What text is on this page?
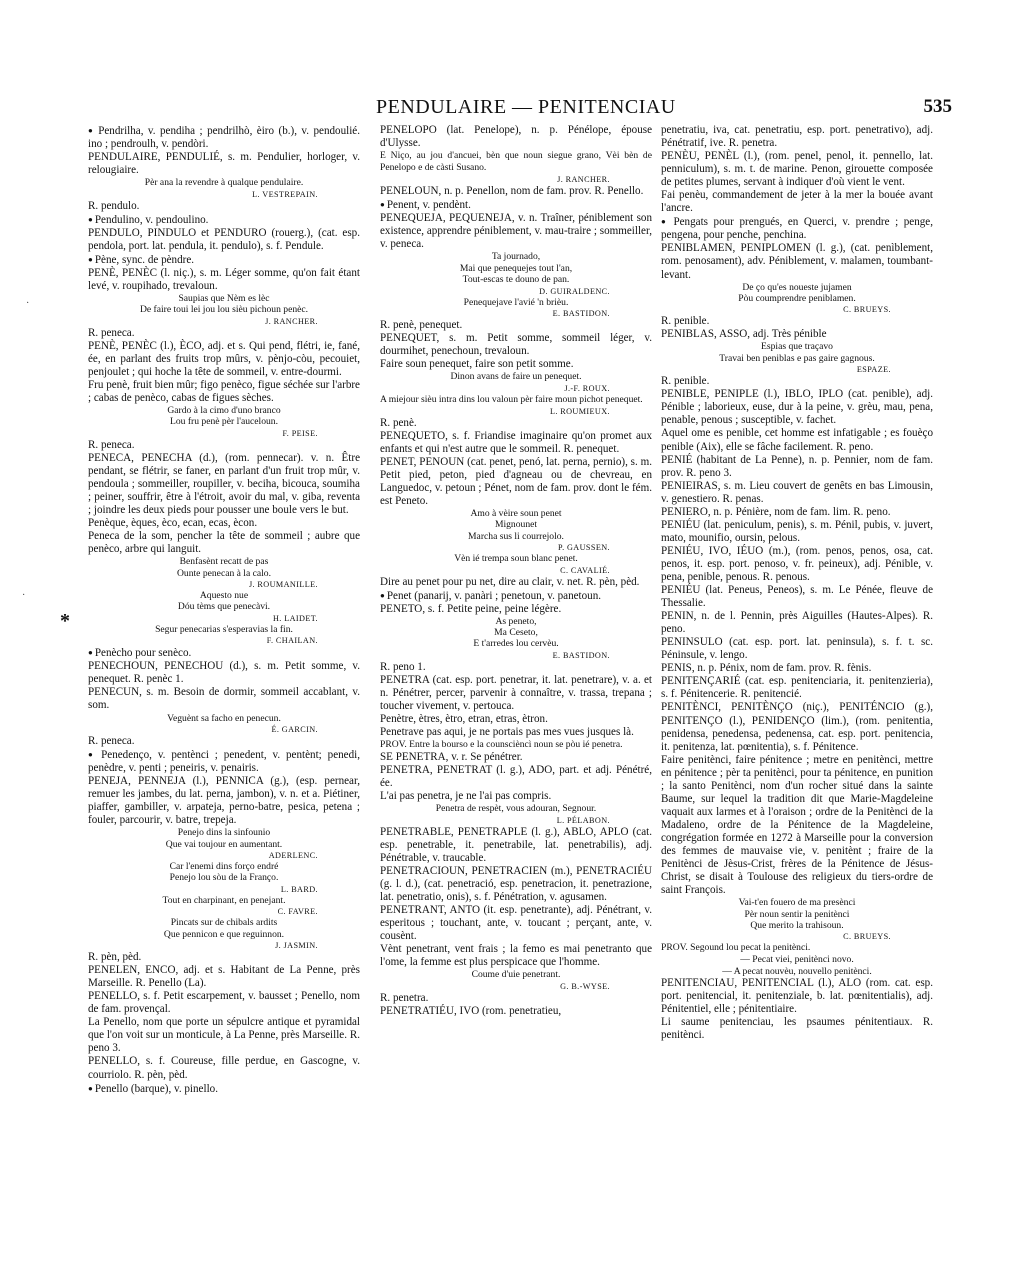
PENDULAIRE — PENITENCIAU	535
*
·
·

● Pendrilha, v. pendiha ; pendrilhò, èiro (b.), v. pendoulié. ino ; pendroulh, v. pendòri.

PENDULAIRE, PENDULIÉ, s. m. Pendulier, horloger, v. relougiaire.

Pèr ana la revendre à qualque pendulaire.

L. VESTREPAIN.

R. pendulo.

● Pendulino, v. pendoulino.

PENDULO, PINDULO et PENDURO (rouerg.), (cat. esp. pendola, port. lat. pendula, it. pendulo), s. f. Pendule.

● Pène, sync. de pèndre.

PENÈ, PENÈC (l. niç.), s. m. Léger somme, qu'on fait étant levé, v. roupihado, trevaloun.

Saupias que Nèm es lèc

De faire toui lei jou lou sièu pichoun penèc.

J. RANCHER.

R. peneca.

PENÈ, PENÈC (l.), ÈCO, adj. et s. Qui pend, flétri, ie, fané, ée, en parlant des fruits trop mûrs, v. pènjo-còu, pecouiet, penjoulet ; qui hoche la tête de sommeil, v. entre-dourmi.

Fru penè, fruit bien mûr; figo penèco, figue séchée sur l'arbre ; cabas de penèco, cabas de figues sèches.

Gardo à la cimo d'uno branco

Lou fru penè pèr l'auceloun.

F. PEISE.

R. peneca.

PENECA, PENECHA (d.), (rom. pennecar). v. n. Être pendant, se flétrir, se faner, en parlant d'un fruit trop mûr, v. pendoula ; sommeiller, roupiller, v. beciha, bicouca, soumiha ; peiner, souffrir, être à l'étroit, avoir du mal, v. giba, reventa ; joindre les deux pieds pour pousser une boule vers le but.

Penèque, èques, èco, ecan, ecas, ècon.

Peneca de la som, pencher la tête de sommeil ; aubre que penèco, arbre qui languit.

Benfasènt recatt de pas

Ounte penecan à la calo.

J. ROUMANILLE.

Aquesto nue

Dóu tèms que penecàvi.

H. LAIDET.

Segur penecarias s'esperavias la fin.

F. CHAILAN.

● Penècho pour senèco.

PENECHOUN, PENECHOU (d.), s. m. Petit somme, v. penequet. R. penèc 1.

PENECUN, s. m. Besoin de dormir, sommeil accablant, v. som.

Veguènt sa facho en penecun.

É. GARCIN.

R. peneca.

● Penedenço, v. pentènci ; penedent, v. pentènt; penedi, penèdre, v. penti ; peneiris, v. penairis.

PENEJA, PENNEJA (l.), PENNICA (g.), (esp. pernear, remuer les jambes, du lat. perna, jambon), v. n. et a. Piétiner, piaffer, gambiller, v. arpateja, perno-batre, pesica, petena ; fouler, parcourir, v. batre, trepeja.

Penejo dins la sinfounio

Que vai toujour en aumentant.

ADERLENC.

Car l'enemi dins forço endré

Penejo lou sòu de la Franço.

L. BARD.

Tout en charpinant, en penejant.

C. FAVRE.

Pincats sur de chibals ardits

Que pennicon e que reguinnon.

J. JASMIN.

R. pèn, pèd.

PENELEN, ENCO, adj. et s. Habitant de La Penne, près Marseille. R. Penello (La).

PENELLO, s. f. Petit escarpement, v. bausset ; Penello, nom de fam. provençal.

La Penello, nom que porte un sépulcre antique et pyramidal que l'on voit sur un monticule, à La Penne, près Marseille. R. peno 3.

PENELLO, s. f. Coureuse, fille perdue, en Gascogne, v. courriolo. R. pèn, pèd.

● Penello (barque), v. pinello.

PENELOPO (lat. Penelope), n. p. Pénélope, épouse d'Ulysse.

E Niço, au jou d'ancuei, bèn que noun siegue grano, Vèi bèn de Penelopo e de càsti Susano.

J. RANCHER.

PENELOUN, n. p. Penellon, nom de fam. prov. R. Penello.

● Penent, v. pendènt.

PENEQUEJA, PEQUENEJA, v. n. Traîner, péniblement son existence, apprendre péniblement, v. mau-traire ; sommeiller, v. peneca.

Ta journado,

Mai que penequejes tout l'an,

Tout-escas te douno de pan.

D. GUIRALDENC.

Penequejave l'avié 'n brièu.

E. BASTIDON.

R. penè, penequet.

PENEQUET, s. m. Petit somme, sommeil léger, v. dourmihet, penechoun, trevaloun.

Faire soun penequet, faire son petit somme.

Dinon avans de faire un penequet.

J.-F. ROUX.

A miejour sièu intra dins lou valoun pèr faire moun pichot penequet.

L. ROUMIEUX.

R. penè.

PENEQUETO, s. f. Friandise imaginaire qu'on promet aux enfants et qui n'est autre que le sommeil. R. penequet.

PENET, PENOUN (cat. penet, penó, lat. perna, pernio), s. m. Petit pied, peton, pied d'agneau ou de chevreau, en Languedoc, v. petoun ; Pénet, nom de fam. prov. dont le fém. est Peneto.

Amo à vèire soun penet

Mignounet

Marcha sus li courrejolo.

P. GAUSSEN.

Vèn ié trempa soun blanc penet.

C. CAVALIÉ.

Dire au penet pour pu net, dire au clair, v. net. R. pèn, pèd.

● Penet (panarij, v. panàri ; penetoun, v. panetoun.

PENETO, s. f. Petite peine, peine légère.

As peneto,

Ma Ceseto,

E t'arredes lou cervèu.

E. BASTIDON.

R. peno 1.

PENETRA (cat. esp. port. penetrar, it. lat. penetrare), v. a. et n. Pénétrer, percer, parvenir à connaître, v. trassa, trepana ; toucher vivement, v. pertouca.

Penètre, ètres, ètro, etran, etras, ètron.

Penetrave pas aqui, je ne portais pas mes vues jusques là.

PROV. Entre la bourso e la counscièncì noun se pòu ié penetra.

SE PENETRA, v. r. Se pénétrer.

PENETRA, PENETRAT (l. g.), ADO, part. et adj. Pénétré, ée.

L'ai pas penetra, je ne l'ai pas compris.

Penetra de respèt, vous adouran, Segnour.

L. PÉLABON.

PENETRABLE, PENETRAPLE (l. g.), ABLO, APLO (cat. esp. penetrable, it. penetrabile, lat. penetrabilis), adj. Pénétrable, v. traucable.

PENETRACIOUN, PENETRACIEN (m.), PENETRACIÉU (g. l. d.), (cat. penetració, esp. penetracion, it. penetrazione, lat. penetratio, onis), s. f. Pénétration, v. agusamen.

PENETRANT, ANTO (it. esp. penetrante), adj. Pénétrant, v. esperitous ; touchant, ante, v. toucant ; perçant, ante, v. cousènt.

Vènt penetrant, vent frais ; la femo es mai penetranto que l'ome, la femme est plus perspicace que l'homme.

Coume d'uie penetrant.

G. B.-WYSE.

R. penetra.

PENETRATIÉU, IVO (rom. penetratieu,

penetratiu, iva, cat. penetratiu, esp. port. penetrativo), adj. Pénétratif, ive. R. penetra.

PENÈU, PENÈL (l.), (rom. penel, penol, it. pennello, lat. penniculum), s. m. t. de marine. Penon, girouette composée de petites plumes, servant à indiquer d'où vient le vent.

Fai penèu, commandement de jeter à la mer la bouée avant l'ancre.

● Pengats pour prengués, en Querci, v. prendre ; penge, pengena, pour penche, penchina.

PENIBLAMEN, PENIPLOMEN (l. g.), (cat. penìblement, rom. penosament), adv. Péniblement, v. malamen, toumbant-levant.

De ço qu'es noueste jujamen

Pòu coumprendre peniblamen.

C. BRUEYS.

R. penible.

PENIBLAS, ASSO, adj. Très pénible

Espias que traçavo

Travai ben peniblas e pas gaire gagnous.

ESPAZE.

R. penible.

PENIBLE, PENIPLE (l.), IBLO, IPLO (cat. penible), adj. Pénible ; laborieux, euse, dur à la peine, v. grèu, mau, pena, penable, penous ; susceptible, v. fachet.

Aquel ome es penible, cet homme est infatigable ; es fouèço penible (Aix), elle se fâche facilement. R. peno.

PENIÉ (habitant de La Penne), n. p. Pennier, nom de fam. prov. R. peno 3.

PENIEIRAS, s. m. Lieu couvert de genêts en bas Limousin, v. genestiero. R. penas.

PENIERO, n. p. Pénière, nom de fam. lim. R. peno.

PENIÉU (lat. peniculum, penis), s. m. Pénil, pubis, v. juvert, mato, mounifio, oursin, pelous.

PENIÉU, IVO, IÉUO (m.), (rom. penos, penos, osa, cat. penos, it. esp. port. penoso, v. fr. peineux), adj. Pénible, v. pena, penible, penous. R. penous.

PENIÉU (lat. Peneus, Peneos), s. m. Le Pénée, fleuve de Thessalie.

PENIN, n. de l. Pennin, près Aiguilles (Hautes-Alpes). R. peno.

PENINSULO (cat. esp. port. lat. peninsula), s. f. t. sc. Péninsule, v. lengo.

PENIS, n. p. Pénix, nom de fam. prov. R. fènis.

PENITENÇARIÉ (cat. esp. penitenciaria, it. penitenzieria), s. f. Pénitencerie. R. penitencié.

PENITÈNCI, PENITÈNÇO (niç.), PENITÉNCIO (g.), PENITENÇO (l.), PENIDENÇO (lim.), (rom. penitentia, penidensa, penedensa, pedenensa, cat. esp. port. penitencia, it. penitenza, lat. pœnitentia), s. f. Pénitence.

Faire penitènci, faire pénitence ; metre en penitènci, mettre en pénitence ; pèr ta penitènci, pour ta pénitence, en punition ; la santo Penitènci, nom d'un rocher situé dans la sainte Baume, sur lequel la tradition dit que Marie-Magdeleine vaquait aux larmes et à l'oraison ; ordre de la Penitènci de la Madaleno, ordre de la Pénitence de la Magdeleine, congrégation formée en 1272 à Marseille pour la conversion des femmes de mauvaise vie, v. penitènt ; fraire de la Penitènci de Jèsus-Crist, frères de la Pénitence de Jésus-Christ, se disait à Toulouse des religieux du tiers-ordre de saint François.

Vai-t'en fouero de ma presènci

Pèr noun sentir la penitènci

Que merito la trahisoun.

C. BRUEYS.

PROV. Segound lou pecat la penitènci.

— Pecat viei, penitènci novo.

— A pecat nouvèu, nouvello penitènci.

PENITENCIAU, PENITENCIAL (l.), ALO (rom. cat. esp. port. penitencial, it. penitenziale, b. lat. pœnitentialis), adj. Pénitentiel, elle ; pénitentiaire.

Li saume penitenciau, les psaumes pénitentiaux. R. penitènci.
